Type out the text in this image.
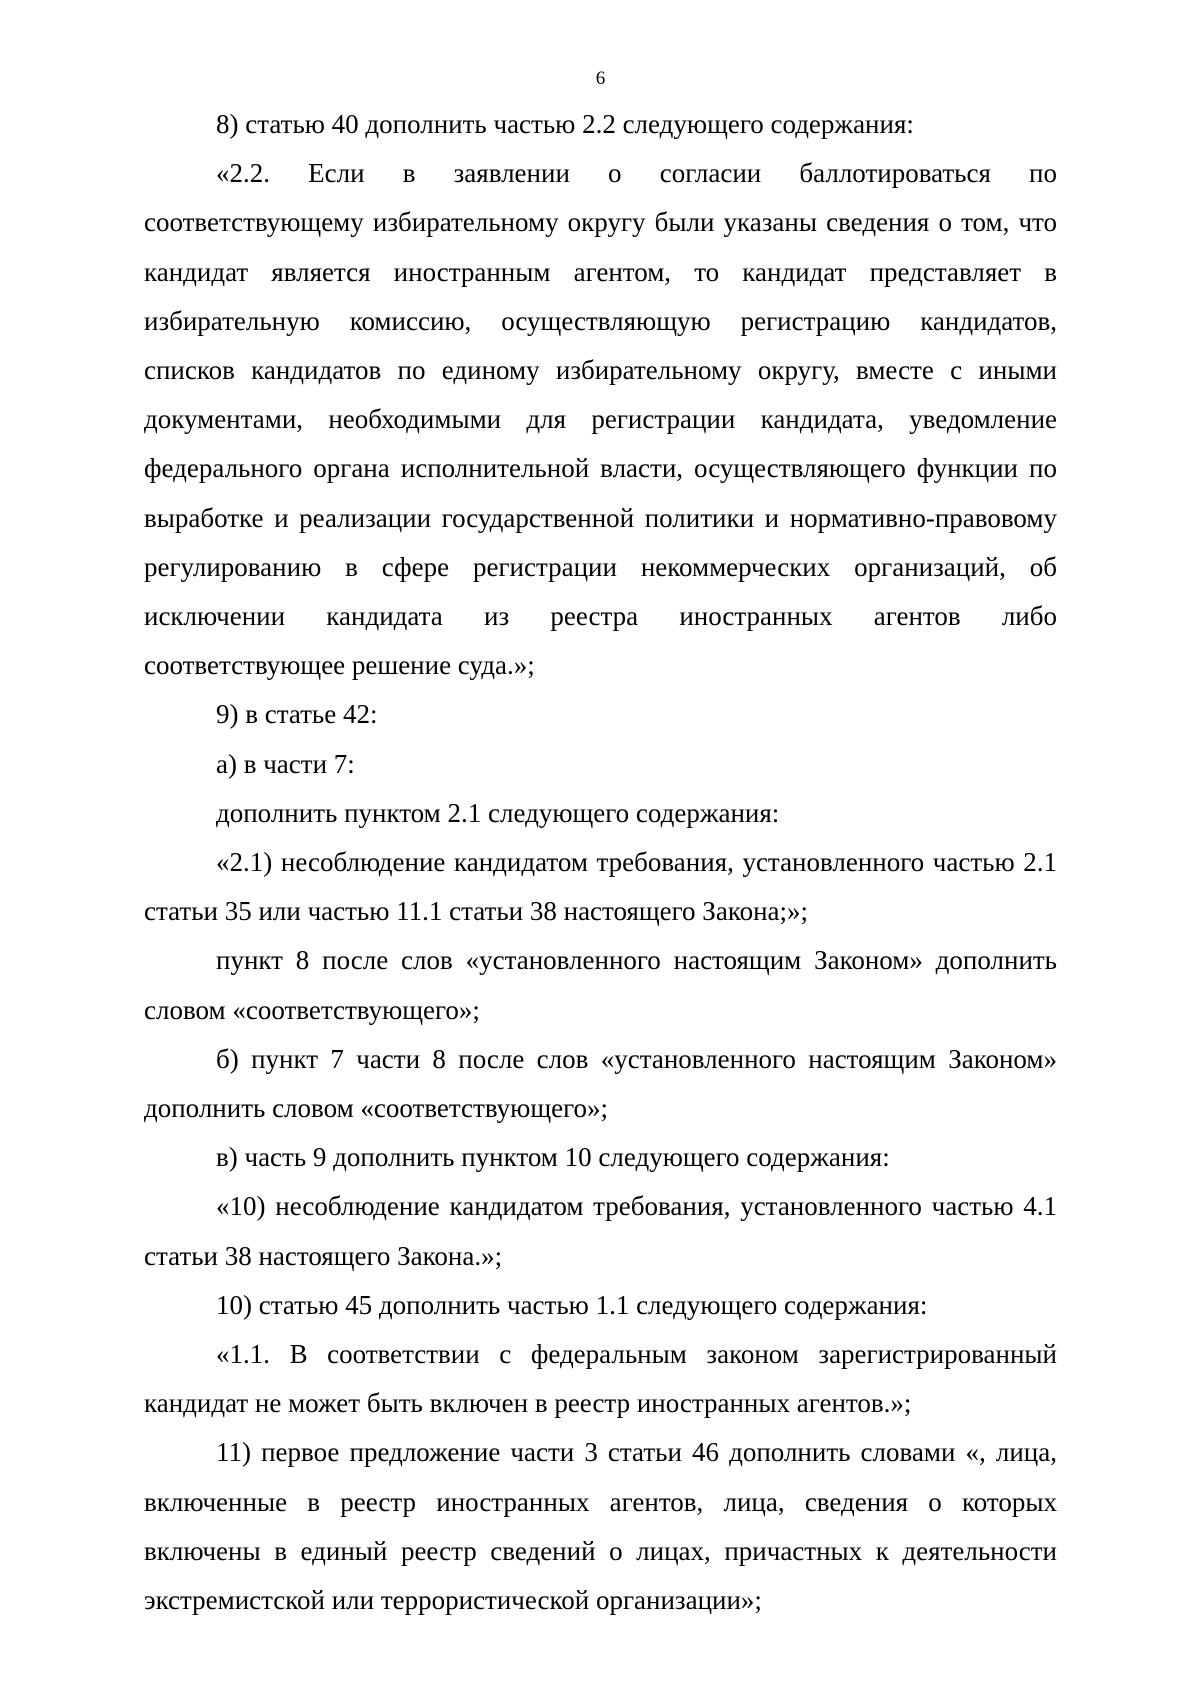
6

8) статью 40 дополнить частью 2.2 следующего содержания:

«2.2. Если в заявлении о согласии баллотироваться по соответствующему избирательному округу были указаны сведения о том, что кандидат является иностранным агентом, то кандидат представляет в избирательную комиссию, осуществляющую регистрацию кандидатов, списков кандидатов по единому избирательному округу, вместе с иными документами, необходимыми для регистрации кандидата, уведомление федерального органа исполнительной власти, осуществляющего функции по выработке и реализации государственной политики и нормативно-правовому регулированию в сфере регистрации некоммерческих организаций, об исключении кандидата из реестра иностранных агентов либо соответствующее решение суда.»;

9) в статье 42:

а) в части 7:

дополнить пунктом 2.1 следующего содержания:

«2.1) несоблюдение кандидатом требования, установленного частью 2.1 статьи 35 или частью 11.1 статьи 38 настоящего Закона;»;

пункт 8 после слов «установленного настоящим Законом» дополнить словом «соответствующего»;

б) пункт 7 части 8 после слов «установленного настоящим Законом» дополнить словом «соответствующего»;

в) часть 9 дополнить пунктом 10 следующего содержания:

«10) несоблюдение кандидатом требования, установленного частью 4.1 статьи 38 настоящего Закона.»;

10) статью 45 дополнить частью 1.1 следующего содержания:

«1.1. В соответствии с федеральным законом зарегистрированный кандидат не может быть включен в реестр иностранных агентов.»;

11) первое предложение части 3 статьи 46 дополнить словами «, лица, включенные в реестр иностранных агентов, лица, сведения о которых включены в единый реестр сведений о лицах, причастных к деятельности экстремистской или террористической организации»;
